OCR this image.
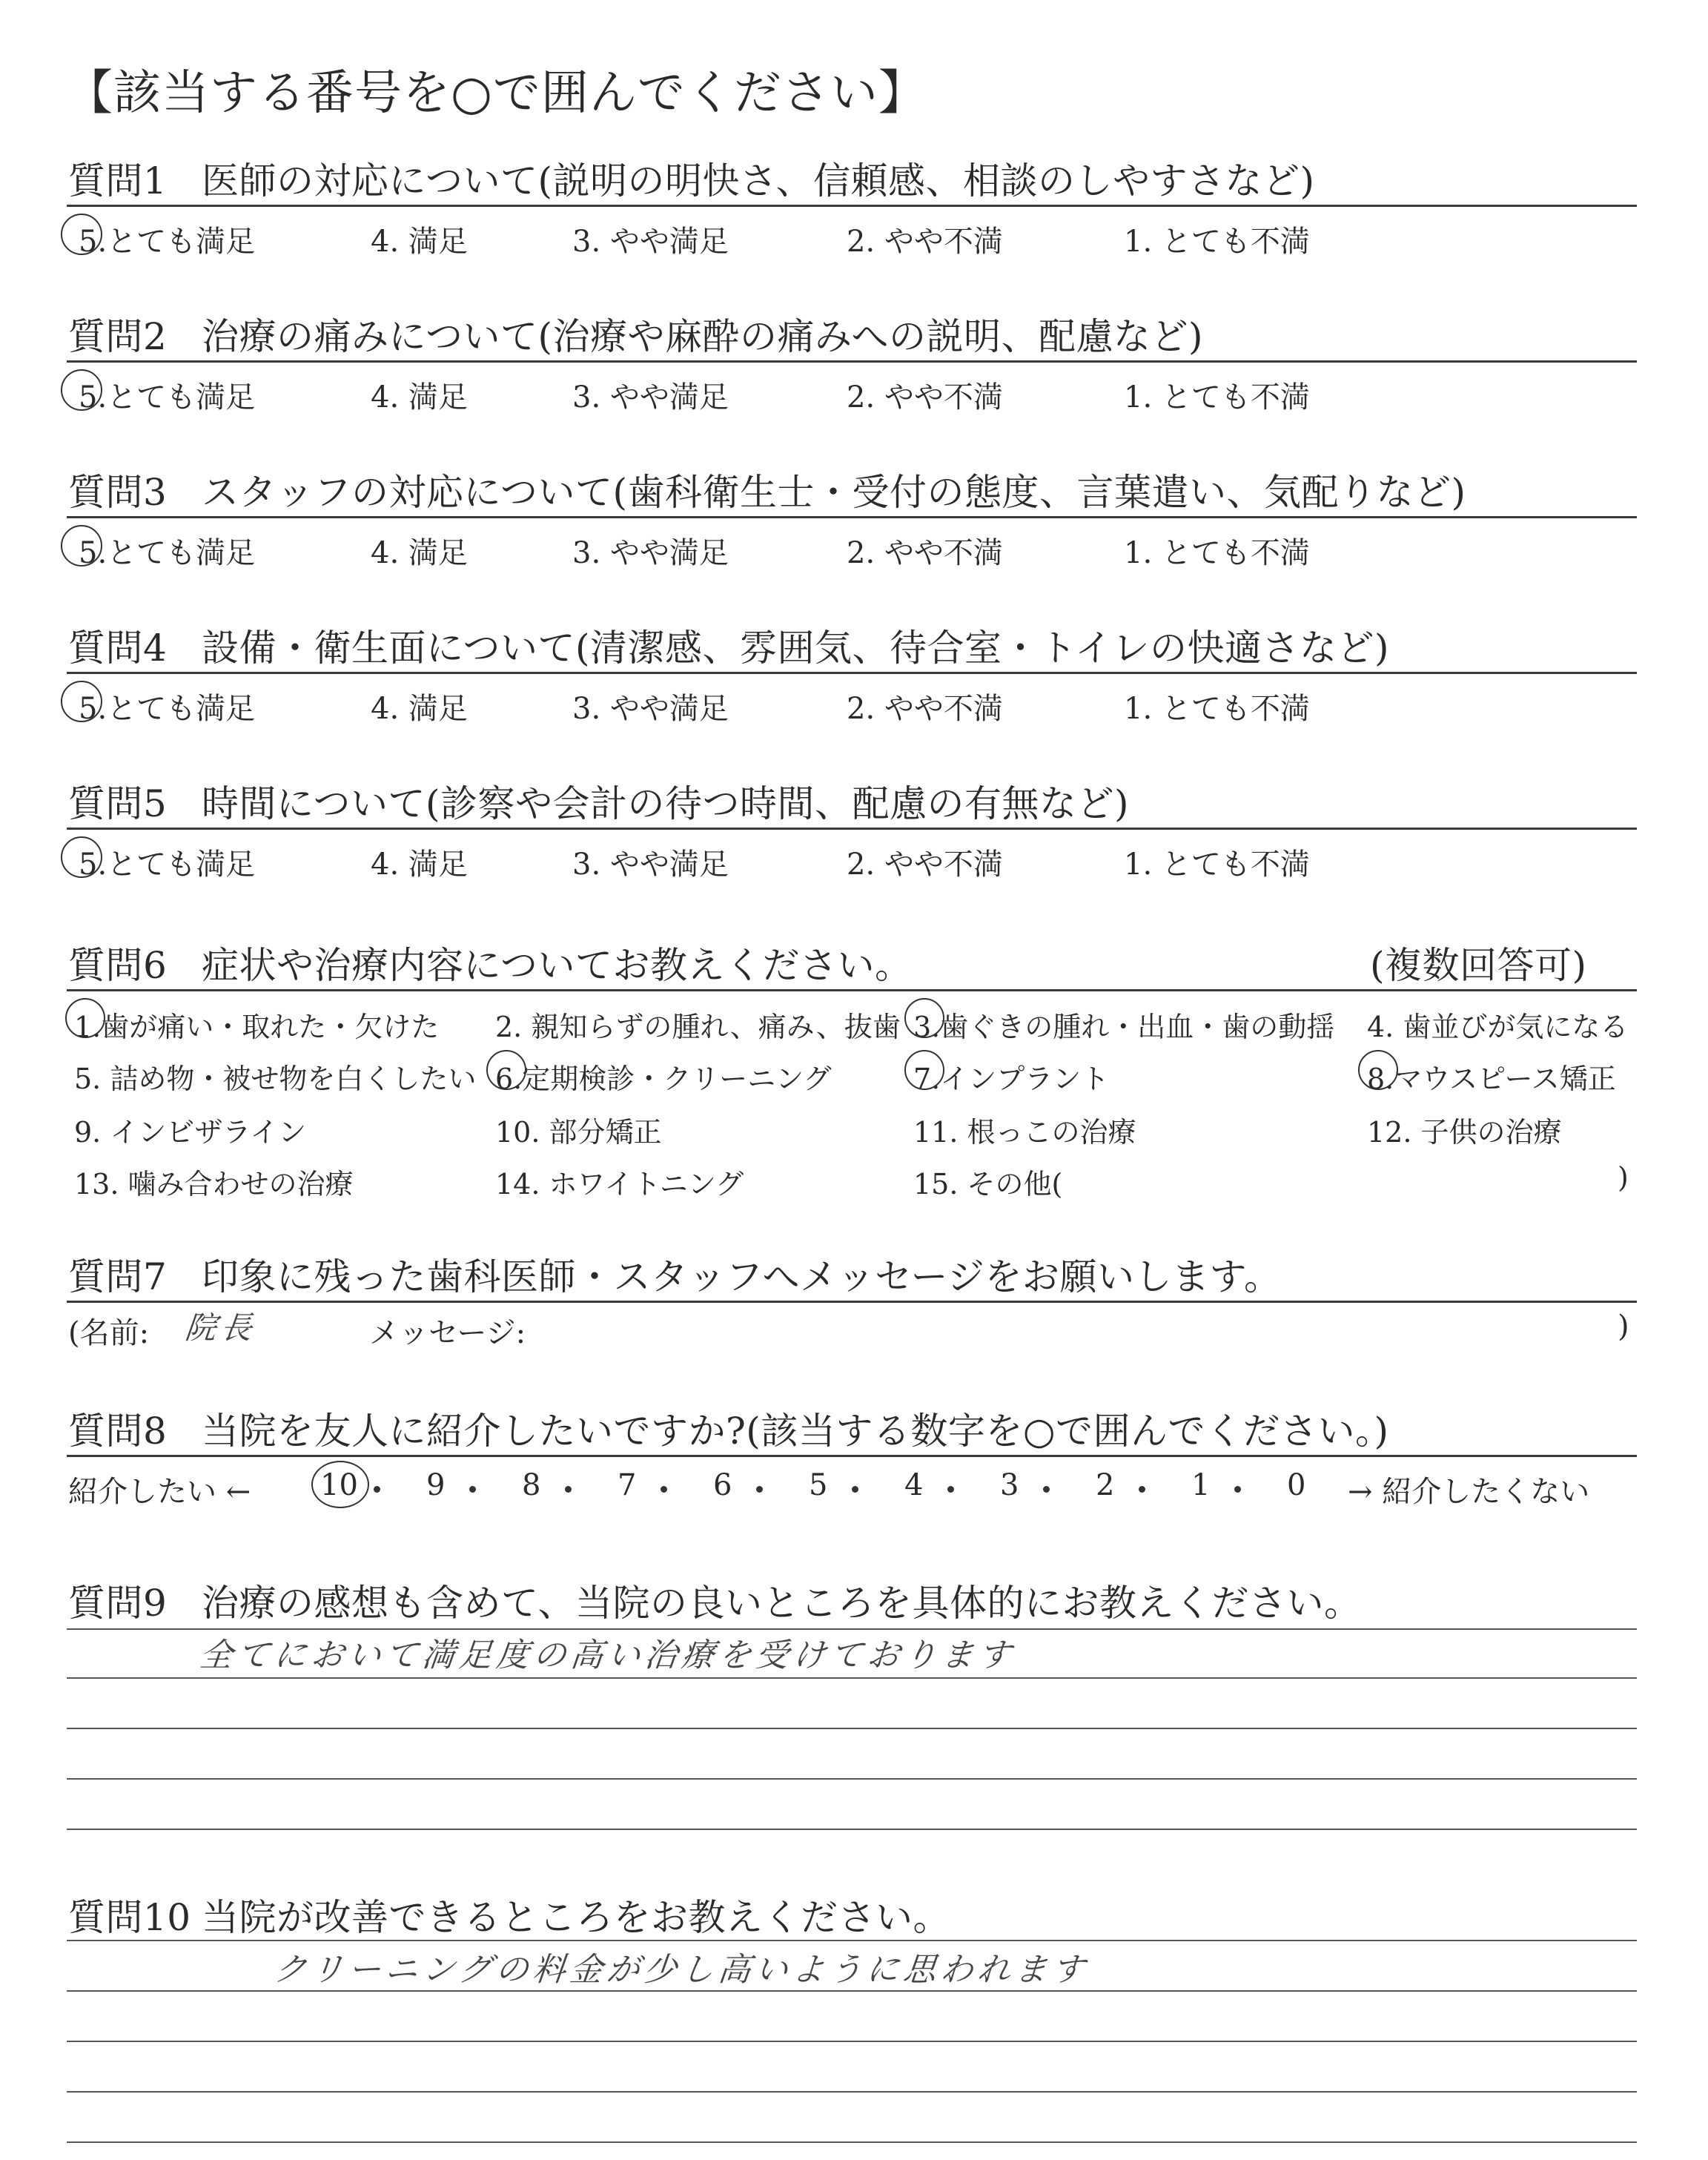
【該当する番号を○で囲んでください】
質問6 症状や治療内容についてお教えください。	(複数回答可)
質問7 印象に残った歯科医師・スタッフへメッセージをお願いします。
(名前: 院長	メッセージ:	)
質問8 当院を友人に紹介したいですか?(該当する数字を○で囲んでください。)
紹介したい ←	→ 紹介したくない
質問9 治療の感想も含めて、当院の良いところを具体的にお教えください。
全てにおいて満足度の高い治療を受けております
質問10 当院が改善できるところをお教えください。
クリーニングの料金が少し高いように思われます
質問1 医師の対応について(説明の明快さ、信頼感、相談のしやすさなど)
5.とても満足	4. 満足	3. やや満足	2. やや不満	1. とても不満
質問2 治療の痛みについて(治療や麻酔の痛みへの説明、配慮など)
5.とても満足	4. 満足	3. やや満足	2. やや不満	1. とても不満
質問3 スタッフの対応について(歯科衛生士・受付の態度、言葉遣い、気配りなど)
5.とても満足	4. 満足	3. やや満足	2. やや不満	1. とても不満
質問4 設備・衛生面について(清潔感、雰囲気、待合室・トイレの快適さなど)
5.とても満足	4. 満足	3. やや満足	2. やや不満	1. とても不満
質問5 時間について(診察や会計の待つ時間、配慮の有無など)
5.とても満足	4. 満足	3. やや満足	2. やや不満	1. とても不満
1.歯が痛い・取れた・欠けた 2. 親知らずの腫れ、痛み、抜歯 3.歯ぐきの腫れ・出血・歯の動揺 4. 歯並びが気になる
5. 詰め物・被せ物を白くしたい 6.定期検診・クリーニング	7.インプラント	8.マウスピース矯正
9. インビザライン	10. 部分矯正	11. 根っこの治療	12. 子供の治療
13. 噛み合わせの治療	14. ホワイトニング	15. その他(	)
10 9	8	7	6	5	4	3	2	1	0
